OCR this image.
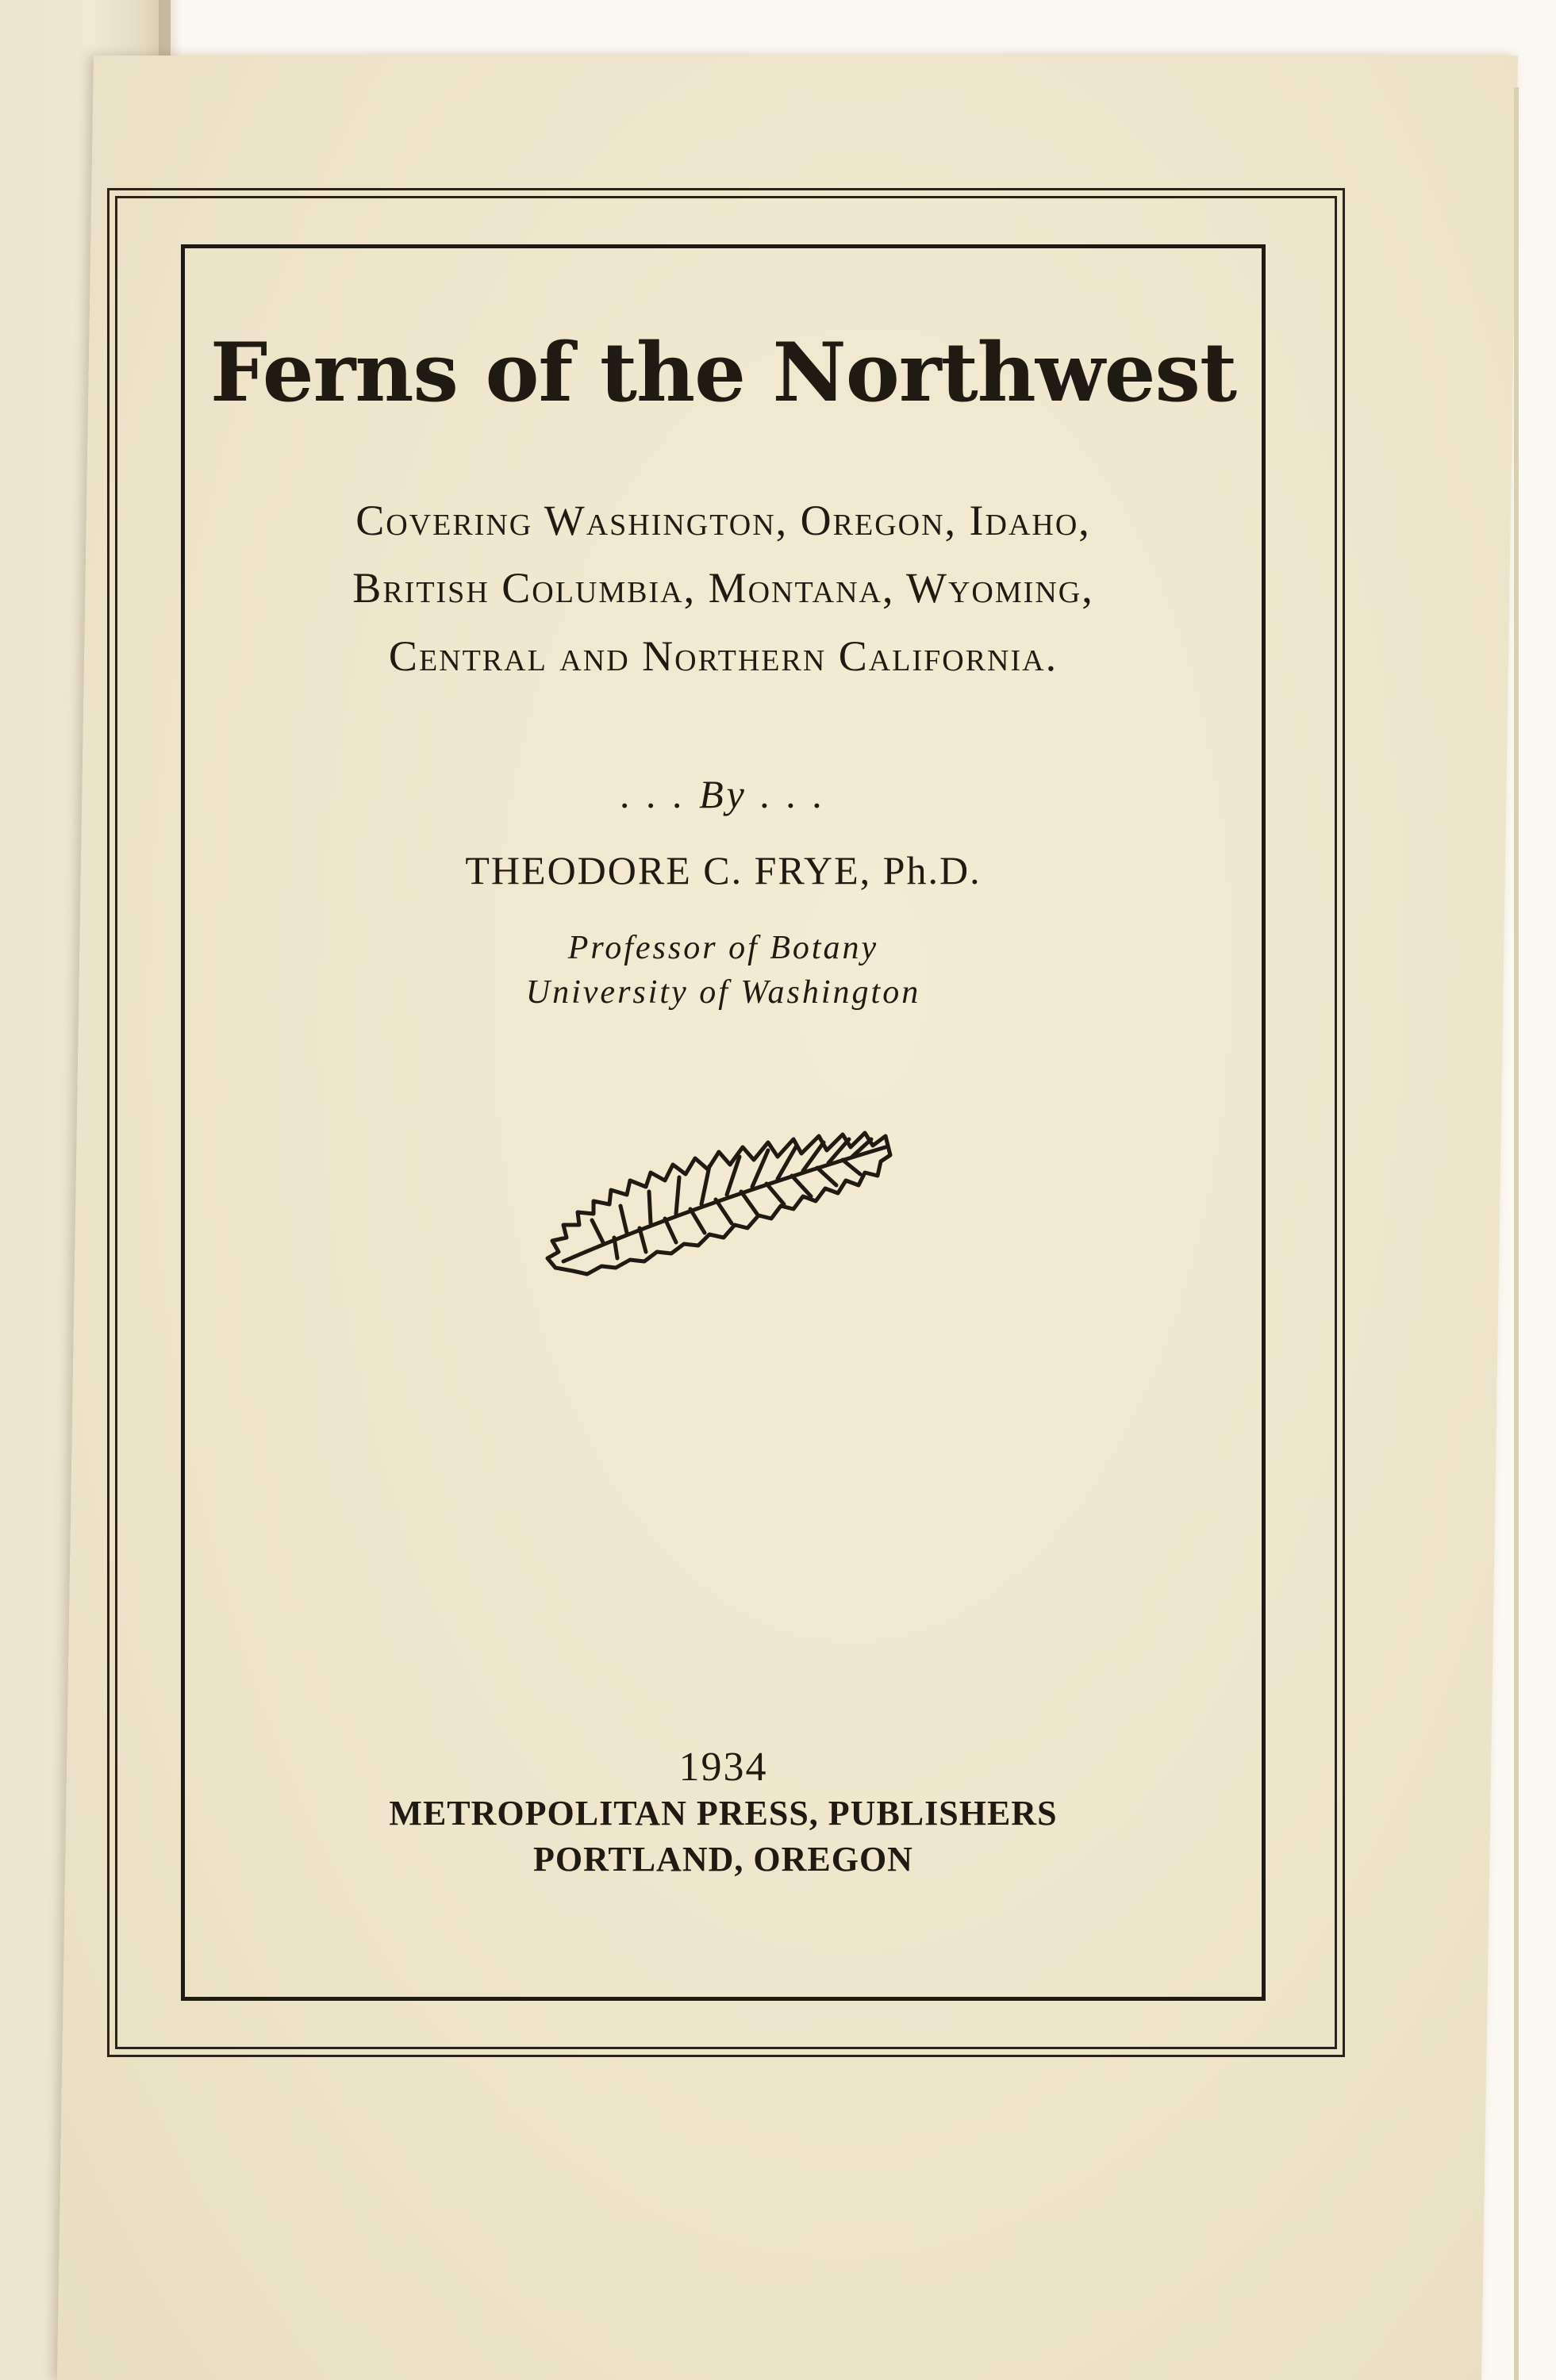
Ferns of the Northwest
Covering Washington, Oregon, Idaho,
British Columbia, Montana, Wyoming,
Central and Northern California.
. . . By . . .
THEODORE C. FRYE, Ph.D.
Professor of Botany
University of Washington
1934
METROPOLITAN PRESS, PUBLISHERS
PORTLAND, OREGON
